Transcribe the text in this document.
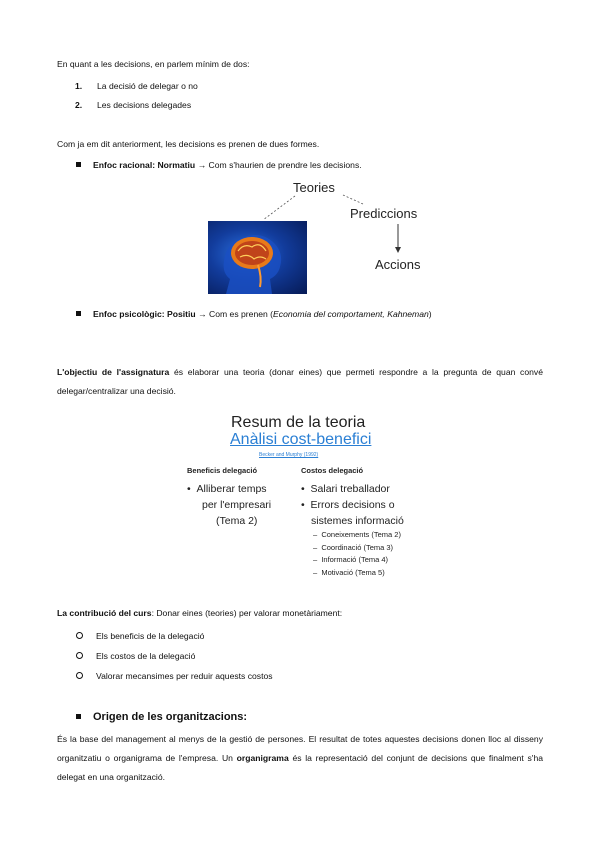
En quant a les decisions, en parlem mínim de dos:
1. La decisió de delegar o no
2. Les decisions delegades
Com ja em dit anteriorment, les decisions es prenen de dues formes.
Enfoc racional: Normatiu → Com s'haurien de prendre les decisions.
Enfoc psicològic: Positiu → Com es prenen (Economia del comportament, Kahneman)
L'objectiu de l'assignatura és elaborar una teoria (donar eines) que permeti respondre a la pregunta de quan convé delegar/centralizar una decisió.
La contribució del curs: Donar eines (teories) per valorar monetàriament:
Els beneficis de la delegació
Els costos de la delegació
Valorar mecansimes per reduir aquests costos
Origen de les organitzacions:
És la base del management al menys de la gestió de persones. El resultat de totes aquestes decisions donen lloc al disseny organitzatiu o organigrama de l'empresa. Un organigrama és la representació del conjunt de decisions que finalment s'ha delegat en una organització.
Teories
Prediccions
Accions
Resum de la teoria
Anàlisi cost-benefici
Becker and Murphy (1992)
Beneficis delegació
•  Alliberar temps
per l'empresari
(Tema 2)
Costos delegació
•  Salari treballador
•  Errors decisions o
sistemes informació
–  Coneixements (Tema 2)
–  Coordinació (Tema 3)
–  Informació (Tema 4)
–  Motivació (Tema 5)
